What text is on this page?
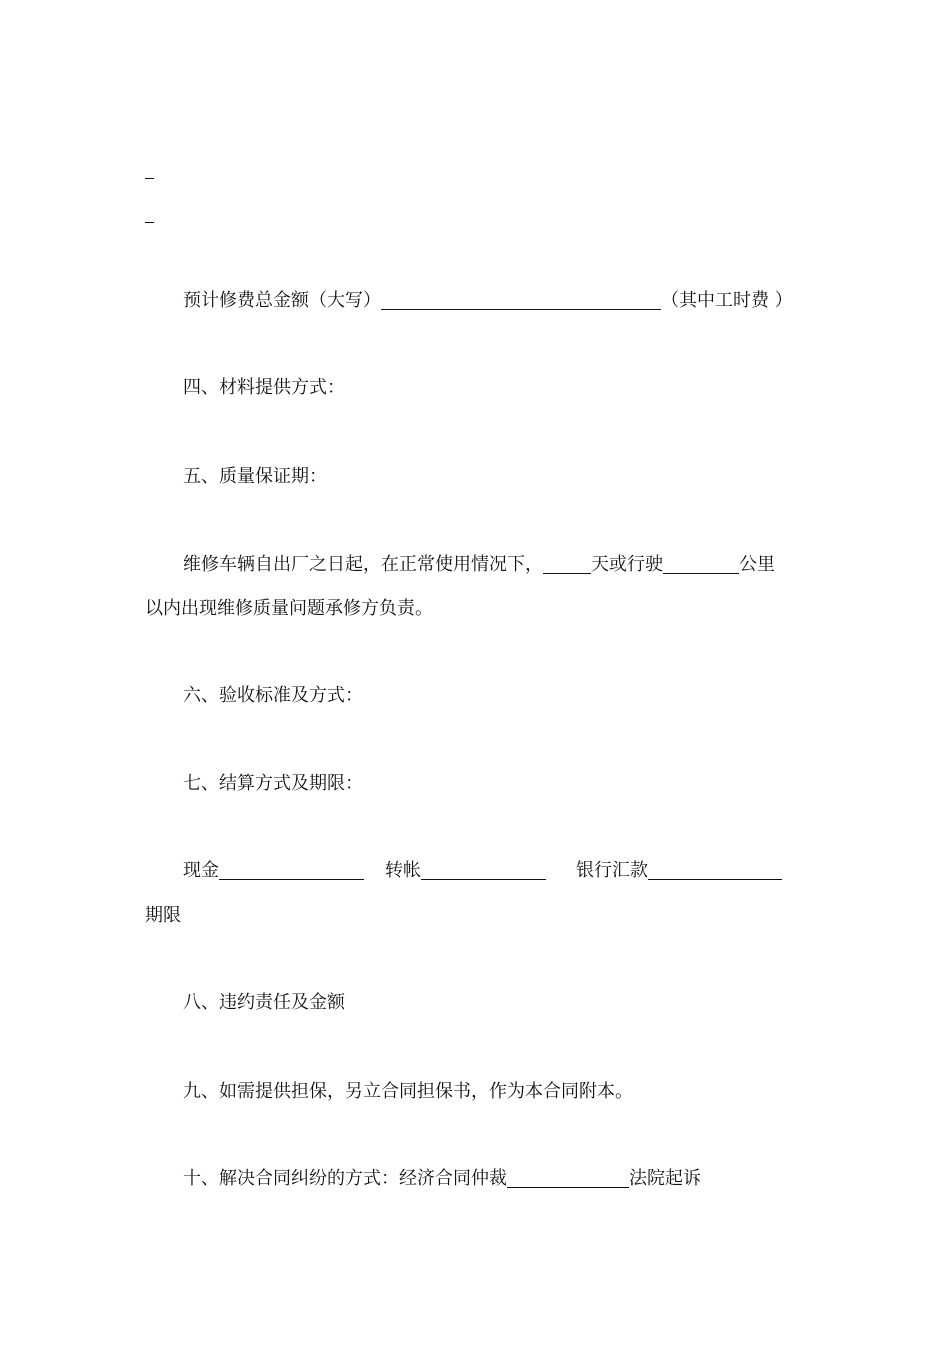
预计修费总金额（大写）	（其中工时费 ）
四、材料提供方式：
五、质量保证期：
维修车辆自出厂之日起，在正常使用情况下，	天或行驶	公里
以内出现维修质量问题承修方负责。
六、验收标准及方式：
七、结算方式及期限：
现金	转帐	银行汇款
期限
八、违约责任及金额
九、如需提供担保，另立合同担保书，作为本合同附本。
十、解决合同纠纷的方式：经济合同仲裁	法院起诉
